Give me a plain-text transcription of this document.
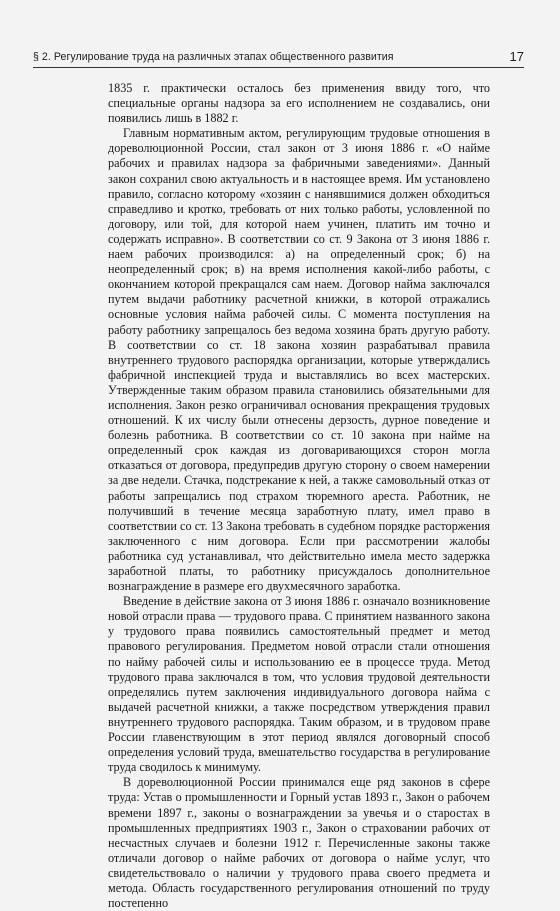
§ 2. Регулирование труда на различных этапах общественного развития	17

1835 г. практически осталось без применения ввиду того, что специальные органы надзора за его исполнением не создавались, они появились лишь в 1882 г.

Главным нормативным актом, регулирующим трудовые отношения в дореволюционной России, стал закон от 3 июня 1886 г. «О найме рабочих и правилах надзора за фабричными заведениями». Данный закон сохранил свою актуальность и в настоящее время. Им установлено правило, согласно которому «хозяин с нанявшимися должен обходиться справедливо и кротко, требовать от них только работы, условленной по договору, или той, для которой наем учинен, платить им точно и содержать исправно». В соответствии со ст. 9 Закона от 3 июня 1886 г. наем рабочих производился: а) на определенный срок; б) на неопределенный срок; в) на время исполнения какой-либо работы, с окончанием которой прекращался сам наем. Договор найма заключался путем выдачи работнику расчетной книжки, в которой отражались основные условия найма рабочей силы. С момента поступления на работу работнику запрещалось без ведома хозяина брать другую работу. В соответствии со ст. 18 закона хозяин разрабатывал правила внутреннего трудового распорядка организации, которые утверждались фабричной инспекцией труда и выставлялись во всех мастерских. Утвержденные таким образом правила становились обязательными для исполнения. Закон резко ограничивал основания прекращения трудовых отношений. К их числу были отнесены дерзость, дурное поведение и болезнь работника. В соответствии со ст. 10 закона при найме на определенный срок каждая из договаривающихся сторон могла отказаться от договора, предупредив другую сторону о своем намерении за две недели. Стачка, подстрекание к ней, а также самовольный отказ от работы запрещались под страхом тюремного ареста. Работник, не получивший в течение месяца заработную плату, имел право в соответствии со ст. 13 Закона требовать в судебном порядке расторжения заключенного с ним договора. Если при рассмотрении жалобы работника суд устанавливал, что действительно имела место задержка заработной платы, то работнику присуждалось дополнительное вознаграждение в размере его двухмесячного заработка.

Введение в действие закона от 3 июня 1886 г. означало возникновение новой отрасли права — трудового права. С принятием названного закона у трудового права появились самостоятельный предмет и метод правового регулирования. Предметом новой отрасли стали отношения по найму рабочей силы и использованию ее в процессе труда. Метод трудового права заключался в том, что условия трудовой деятельности определялись путем заключения индивидуального договора найма с выдачей расчетной книжки, а также посредством утверждения правил внутреннего трудового распорядка. Таким образом, и в трудовом праве России главенствующим в этот период являлся договорный способ определения условий труда, вмешательство государства в регулирование труда сводилось к минимуму.

В дореволюционной России принимался еще ряд законов в сфере труда: Устав о промышленности и Горный устав 1893 г., Закон о рабочем времени 1897 г., законы о вознаграждении за увечья и о старостах в промышленных предприятиях 1903 г., Закон о страховании рабочих от несчастных случаев и болезни 1912 г. Перечисленные законы также отличали договор о найме рабочих от договора о найме услуг, что свидетельствовало о наличии у трудового права своего предмета и метода. Область государственного регулирования отношений по труду постепенно
